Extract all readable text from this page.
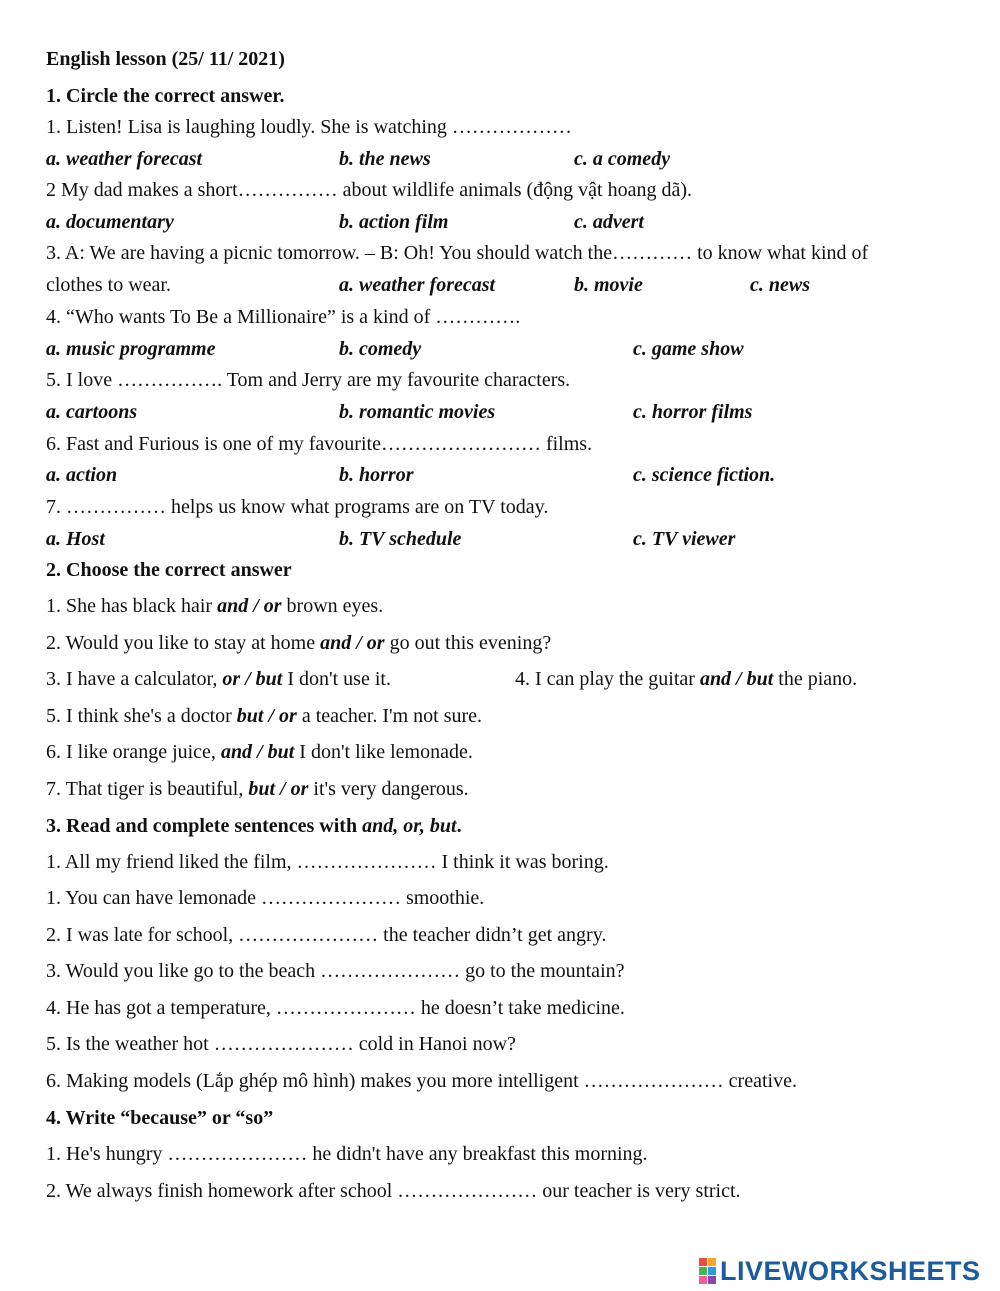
English lesson (25/ 11/ 2021)
1. Circle the correct answer.
1. Listen! Lisa is laughing loudly. She is watching ………………
a. weather forecast	b. the news	c. a comedy
2 My dad makes a short…………… about wildlife animals (động vật hoang dã).
a. documentary	b. action film	c. advert
3. A: We are having a picnic tomorrow. – B: Oh! You should watch the………… to know what kind of
clothes to wear.	a. weather forecast	b. movie	c. news
4. “Who wants To Be a Millionaire” is a kind of ………….
a. music programme	b. comedy	c. game show
5. I love ……………. Tom and Jerry are my favourite characters.
a. cartoons	b. romantic movies	c. horror films
6. Fast and Furious is one of my favourite…………………… films.
a. action	b. horror	c. science fiction.
7. …………… helps us know what programs are on TV today.
a. Host	b. TV schedule	c. TV viewer
2. Choose the correct answer
1. She has black hair and / or brown eyes.
2. Would you like to stay at home and / or go out this evening?
3. I have a calculator, or / but I don't use it.	4. I can play the guitar and / but the piano.
5. I think she's a doctor but / or a teacher. I'm not sure.
6. I like orange juice, and / but I don't like lemonade.
7. That tiger is beautiful, but / or it's very dangerous.
3. Read and complete sentences with and, or, but.
1. All my friend liked the film, ………………… I think it was boring.
1. You can have lemonade ………………… smoothie.
2. I was late for school, ………………… the teacher didn’t get angry.
3. Would you like go to the beach ………………… go to the mountain?
4. He has got a temperature, ………………… he doesn’t take medicine.
5. Is the weather hot ………………… cold in Hanoi now?
6. Making models (Lắp ghép mô hình) makes you more intelligent ………………… creative.
4. Write “because” or “so”
1. He's hungry ………………… he didn't have any breakfast this morning.
2. We always finish homework after school ………………… our teacher is very strict.
LIVEWORKSHEETS
